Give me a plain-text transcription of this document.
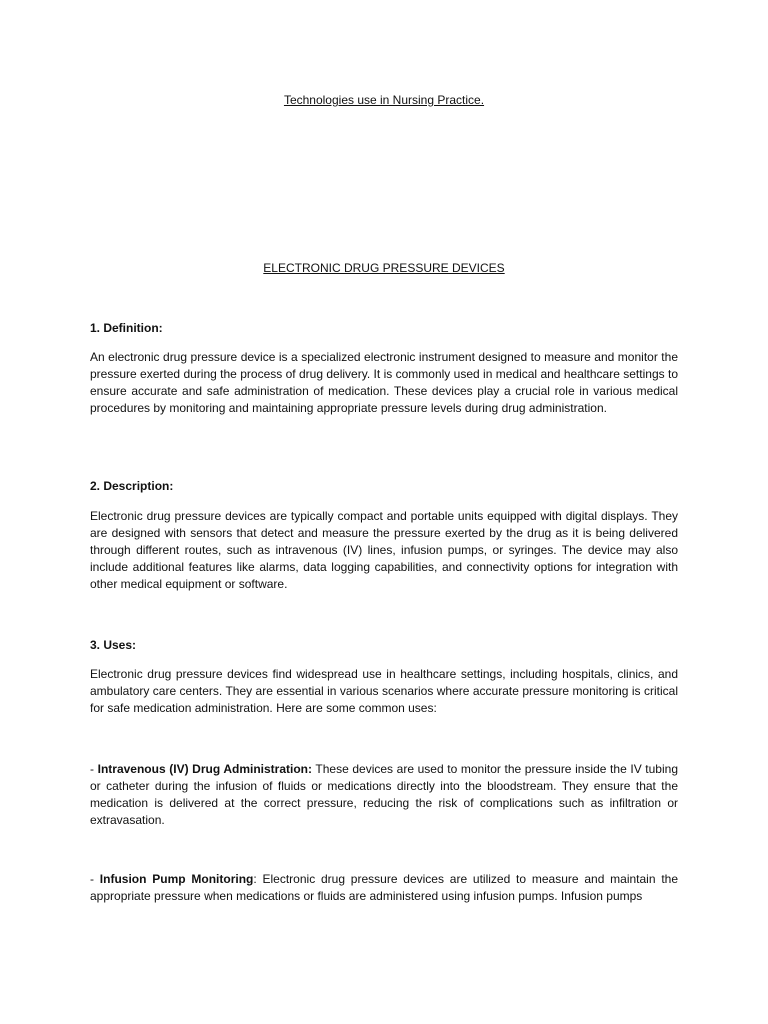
Technologies use in Nursing Practice.
ELECTRONIC DRUG PRESSURE DEVICES
1. Definition:

An electronic drug pressure device is a specialized electronic instrument designed to measure and monitor the pressure exerted during the process of drug delivery. It is commonly used in medical and healthcare settings to ensure accurate and safe administration of medication. These devices play a crucial role in various medical procedures by monitoring and maintaining appropriate pressure levels during drug administration.

2. Description:

Electronic drug pressure devices are typically compact and portable units equipped with digital displays. They are designed with sensors that detect and measure the pressure exerted by the drug as it is being delivered through different routes, such as intravenous (IV) lines, infusion pumps, or syringes. The device may also include additional features like alarms, data logging capabilities, and connectivity options for integration with other medical equipment or software.

3. Uses:

Electronic drug pressure devices find widespread use in healthcare settings, including hospitals, clinics, and ambulatory care centers. They are essential in various scenarios where accurate pressure monitoring is critical for safe medication administration. Here are some common uses:

- Intravenous (IV) Drug Administration: These devices are used to monitor the pressure inside the IV tubing or catheter during the infusion of fluids or medications directly into the bloodstream. They ensure that the medication is delivered at the correct pressure, reducing the risk of complications such as infiltration or extravasation.

- Infusion Pump Monitoring: Electronic drug pressure devices are utilized to measure and maintain the appropriate pressure when medications or fluids are administered using infusion pumps. Infusion pumps
